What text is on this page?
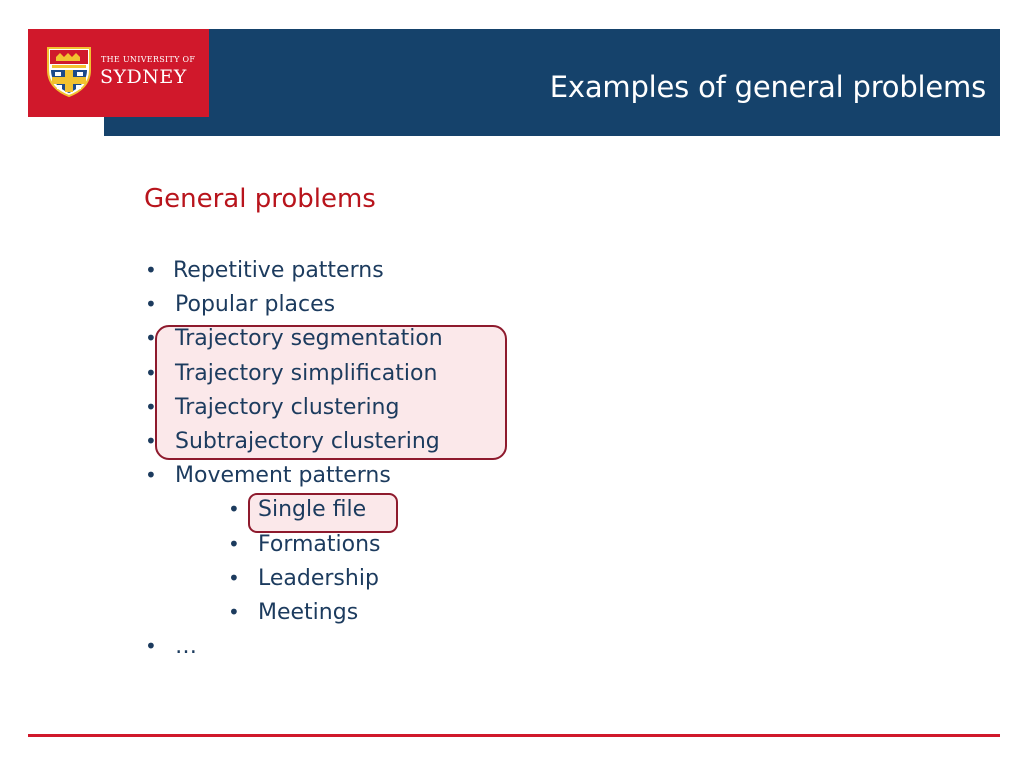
Examples of general problems
THE UNIVERSITY OF
SYDNEY
General problems
• Repetitive patterns
• Popular places
• Trajectory segmentation
• Trajectory simplification
• Trajectory clustering
• Subtrajectory clustering
• Movement patterns
• Single file
• Formations
• Leadership
• Meetings
• …
